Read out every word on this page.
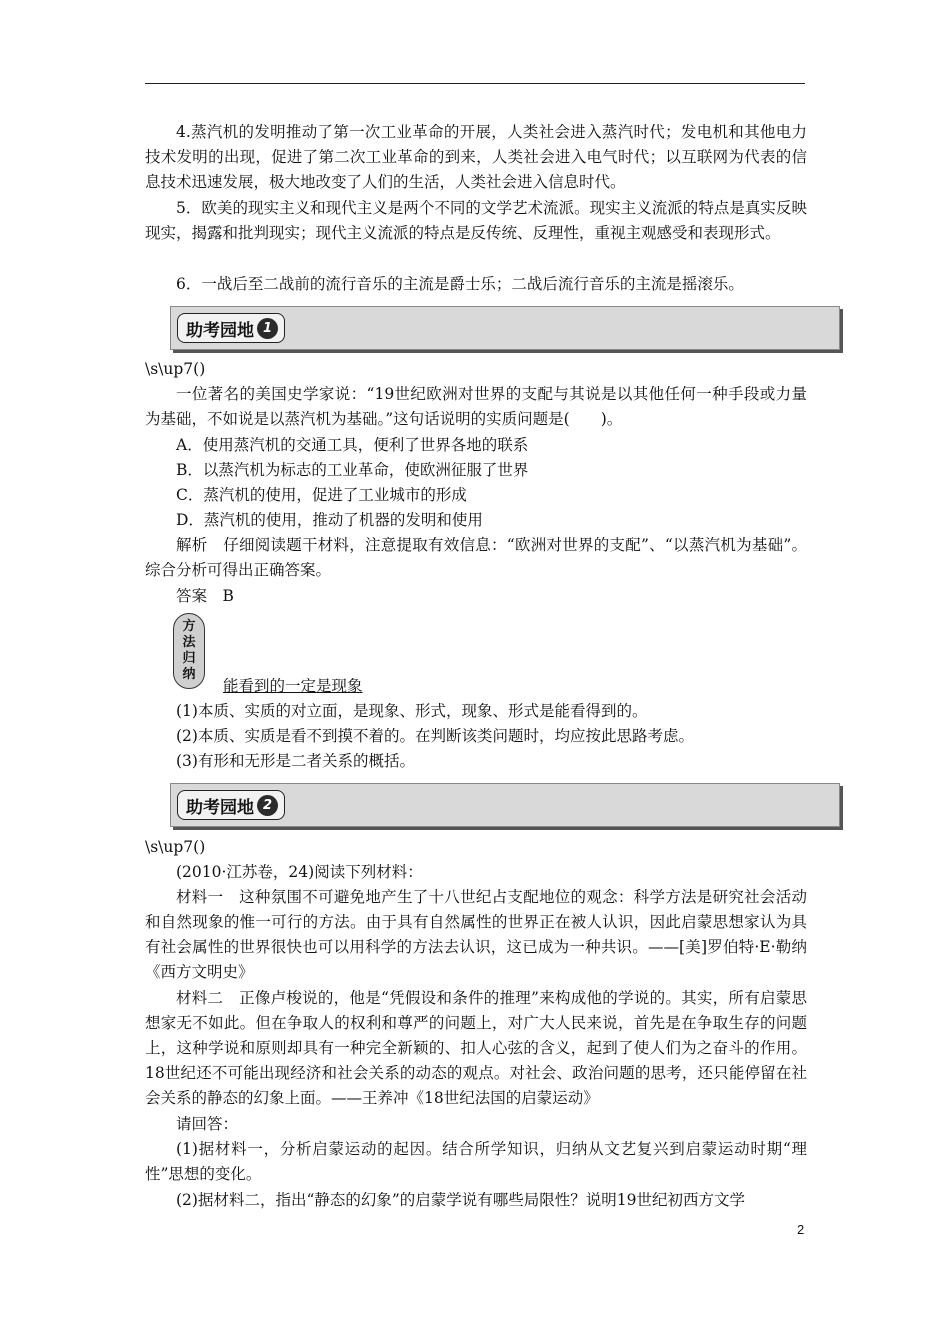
4.蒸汽机的发明推动了第一次工业革命的开展，人类社会进入蒸汽时代；发电机和其他电力技术发明的出现，促进了第二次工业革命的到来，人类社会进入电气时代；以互联网为代表的信息技术迅速发展，极大地改变了人们的生活，人类社会进入信息时代。

5．欧美的现实主义和现代主义是两个不同的文学艺术流派。现实主义流派的特点是真实反映现实，揭露和批判现实；现代主义流派的特点是反传统、反理性，重视主观感受和表现形式。

6．一战后至二战前的流行音乐的主流是爵士乐；二战后流行音乐的主流是摇滚乐。

助考园地 1

\s\up7()

一位著名的美国史学家说：“19世纪欧洲对世界的支配与其说是以其他任何一种手段或力量为基础，不如说是以蒸汽机为基础。”这句话说明的实质问题是(　　)。

A．使用蒸汽机的交通工具，便利了世界各地的联系

B．以蒸汽机为标志的工业革命，使欧洲征服了世界

C．蒸汽机的使用，促进了工业城市的形成

D．蒸汽机的使用，推动了机器的发明和使用

解析　仔细阅读题干材料，注意提取有效信息：“欧洲对世界的支配”、“以蒸汽机为基础”。综合分析可得出正确答案。

答案　B

方
法
归
纳

能看到的一定是现象

(1)本质、实质的对立面，是现象、形式，现象、形式是能看得到的。

(2)本质、实质是看不到摸不着的。在判断该类问题时，均应按此思路考虑。

(3)有形和无形是二者关系的概括。

助考园地 2

\s\up7()

(2010·江苏卷，24)阅读下列材料：

材料一　这种氛围不可避免地产生了十八世纪占支配地位的观念：科学方法是研究社会活动和自然现象的惟一可行的方法。由于具有自然属性的世界正在被人认识，因此启蒙思想家认为具有社会属性的世界很快也可以用科学的方法去认识，这已成为一种共识。——[美]罗伯特·E·勒纳《西方文明史》

材料二　正像卢梭说的，他是“凭假设和条件的推理”来构成他的学说的。其实，所有启蒙思想家无不如此。但在争取人的权利和尊严的问题上，对广大人民来说，首先是在争取生存的问题上，这种学说和原则却具有一种完全新颖的、扣人心弦的含义，起到了使人们为之奋斗的作用。18世纪还不可能出现经济和社会关系的动态的观点。对社会、政治问题的思考，还只能停留在社会关系的静态的幻象上面。——王养冲《18世纪法国的启蒙运动》

请回答：

(1)据材料一，分析启蒙运动的起因。结合所学知识，归纳从文艺复兴到启蒙运动时期“理性”思想的变化。

(2)据材料二，指出“静态的幻象”的启蒙学说有哪些局限性？说明19世纪初西方文学

2
